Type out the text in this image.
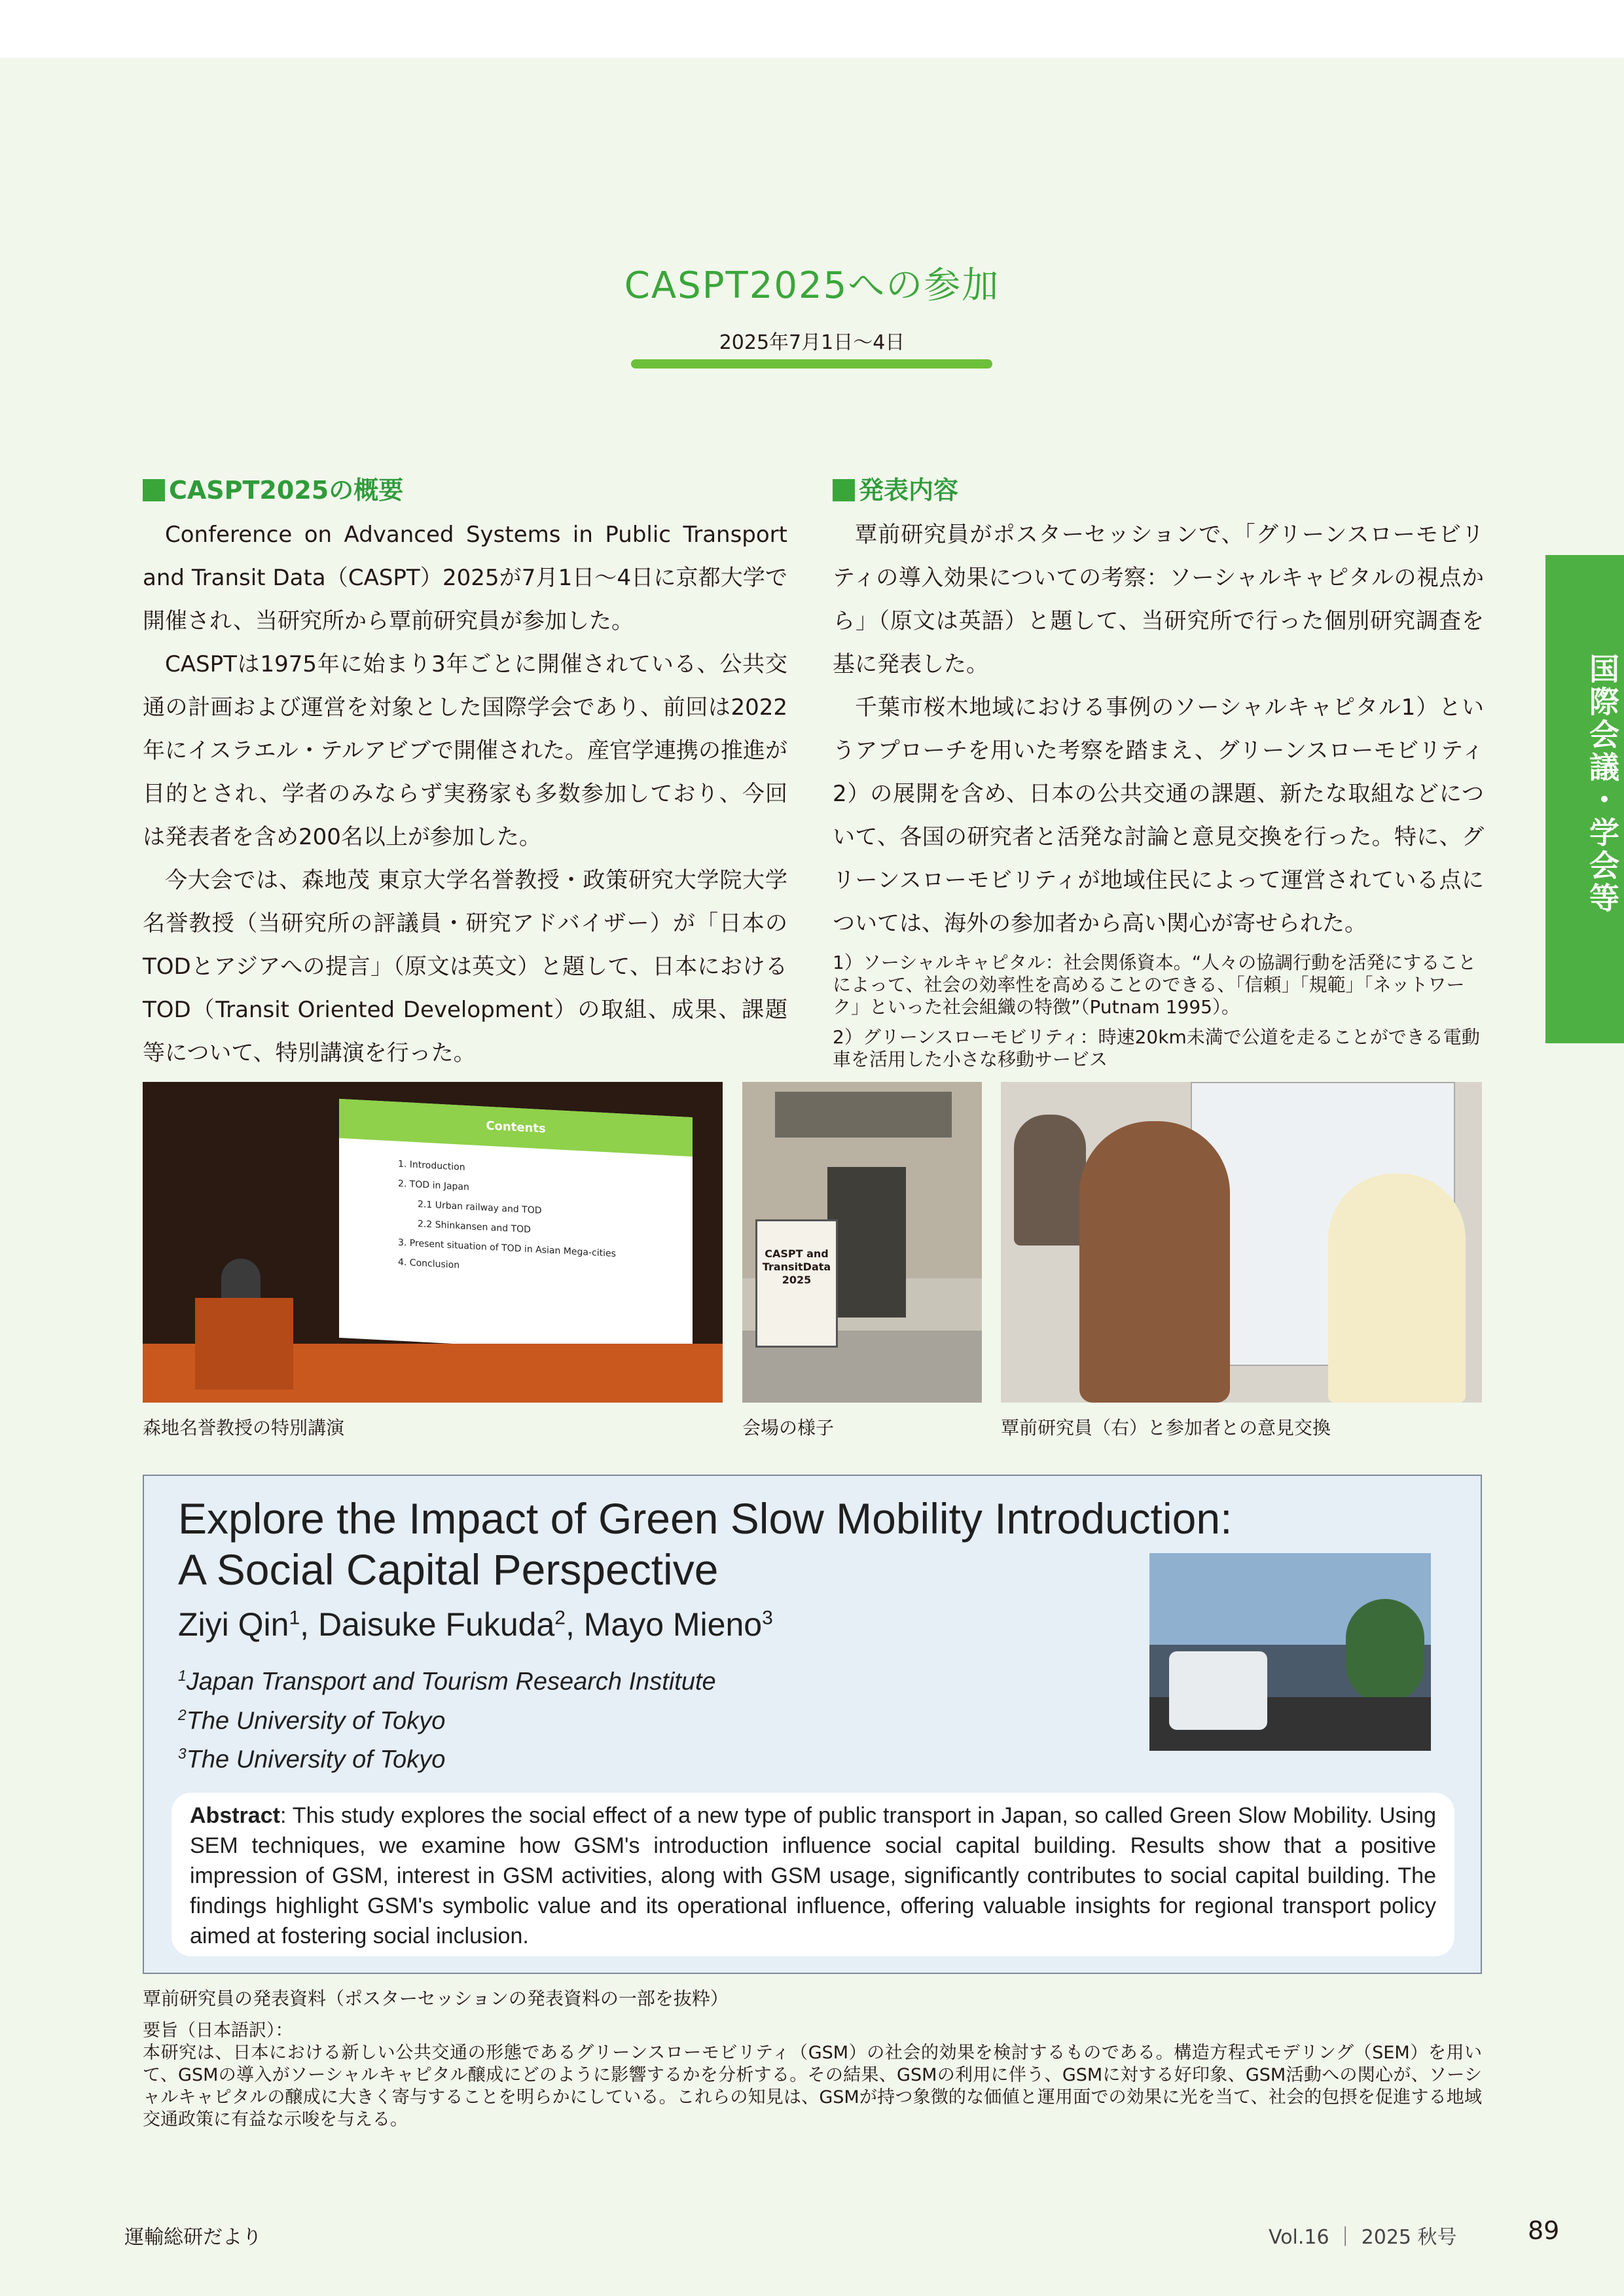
CASPT2025への参加
2025年7月1日〜4日
CASPT2025の概要

Conference on Advanced Systems in Public Transport and Transit Data（CASPT）2025が7月1日〜4日に京都大学で開催され、当研究所から覃前研究員が参加した。

CASPTは1975年に始まり3年ごとに開催されている、公共交通の計画および運営を対象とした国際学会であり、前回は2022年にイスラエル・テルアビブで開催された。産官学連携の推進が目的とされ、学者のみならず実務家も多数参加しており、今回は発表者を含め200名以上が参加した。

今大会では、森地茂 東京大学名誉教授・政策研究大学院大学名誉教授（当研究所の評議員・研究アドバイザー）が「日本のTODとアジアへの提言」（原文は英文）と題して、日本におけるTOD（Transit Oriented Development）の取組、成果、課題等について、特別講演を行った。

発表内容

覃前研究員がポスターセッションで、「グリーンスローモビリティの導入効果についての考察：ソーシャルキャピタルの視点から」（原文は英語）と題して、当研究所で行った個別研究調査を基に発表した。

千葉市桜木地域における事例のソーシャルキャピタル1）というアプローチを用いた考察を踏まえ、グリーンスローモビリティ2）の展開を含め、日本の公共交通の課題、新たな取組などについて、各国の研究者と活発な討論と意見交換を行った。特に、グリーンスローモビリティが地域住民によって運営されている点については、海外の参加者から高い関心が寄せられた。

1）ソーシャルキャピタル：社会関係資本。“人々の協調行動を活発にすることによって、社会の効率性を高めることのできる、「信頼」「規範」「ネットワーク」といった社会組織の特徴”（Putnam 1995）。

2）グリーンスローモビリティ：時速20km未満で公道を走ることができる電動車を活用した小さな移動サービス

国際会議・学会等
Contents
1. Introduction
2. TOD in Japan
2.1 Urban railway and TOD
2.2 Shinkansen and TOD
3. Present situation of TOD in Asian Mega-cities
4. Conclusion
森地名誉教授の特別講演
CASPT and TransitData 2025
会場の様子	覃前研究員（右）と参加者との意見交換
Explore the Impact of Green Slow Mobility Introduction:
A Social Capital Perspective
Ziyi Qin$^1$, Daisuke Fukuda$^2$, Mayo Mieno$^3$
$^1$Japan Transport and Tourism Research Institute
$^2$The University of Tokyo
$^3$The University of Tokyo
Abstract: This study explores the social effect of a new type of public transport in Japan, so called Green Slow Mobility. Using SEM techniques, we examine how GSM's introduction influence social capital building. Results show that a positive impression of GSM, interest in GSM activities, along with GSM usage, significantly contributes to social capital building. The findings highlight GSM's symbolic value and its operational influence, offering valuable insights for regional transport policy aimed at fostering social inclusion.
覃前研究員の発表資料（ポスターセッションの発表資料の一部を抜粋）

要旨（日本語訳）：

本研究は、日本における新しい公共交通の形態であるグリーンスローモビリティ（GSM）の社会的効果を検討するものである。構造方程式モデリング（SEM）を用いて、GSMの導入がソーシャルキャピタル醸成にどのように影響するかを分析する。その結果、GSMの利用に伴う、GSMに対する好印象、GSM活動への関心が、ソーシャルキャピタルの醸成に大きく寄与することを明らかにしている。これらの知見は、GSMが持つ象徴的な価値と運用面での効果に光を当て、社会的包摂を促進する地域交通政策に有益な示唆を与える。

運輸総研だより	Vol.16 ｜ 2025 秋号	89
